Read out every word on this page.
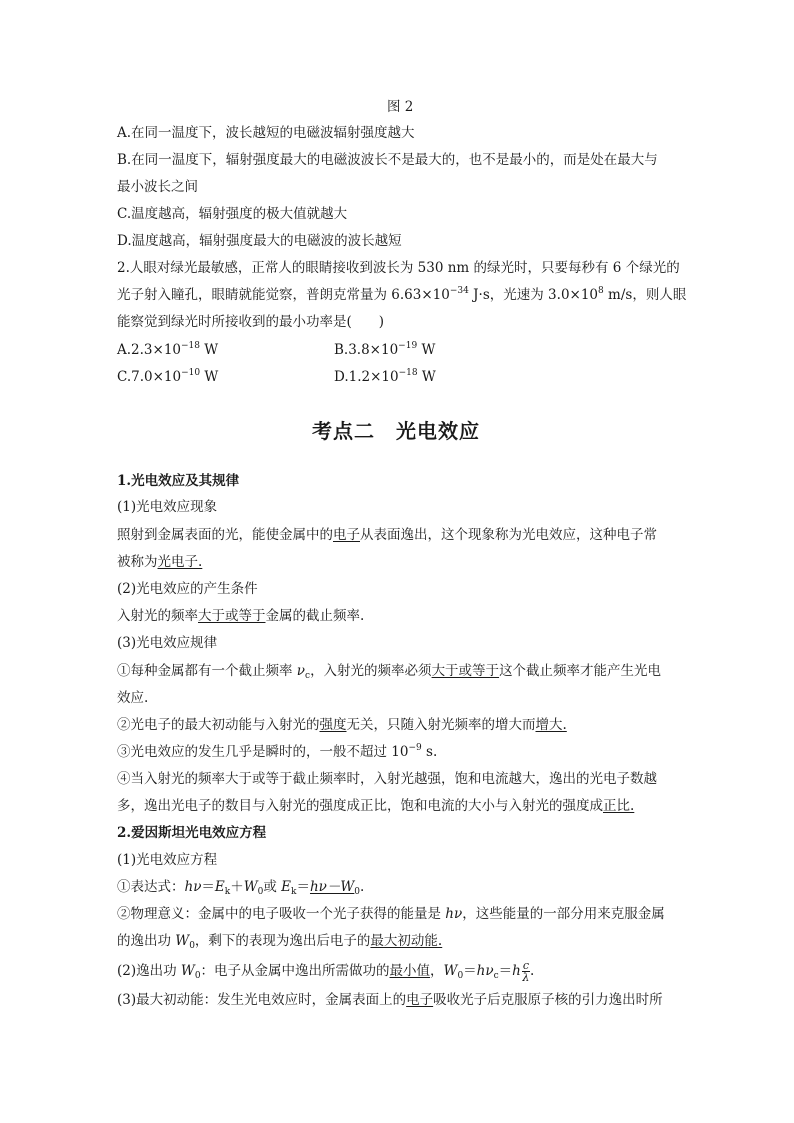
图 2
A.在同一温度下，波长越短的电磁波辐射强度越大
B.在同一温度下，辐射强度最大的电磁波波长不是最大的，也不是最小的，而是处在最大与
最小波长之间
C.温度越高，辐射强度的极大值就越大
D.温度越高，辐射强度最大的电磁波的波长越短
2.人眼对绿光最敏感，正常人的眼睛接收到波长为 530 nm 的绿光时，只要每秒有 6 个绿光的
光子射入瞳孔，眼睛就能觉察，普朗克常量为 $6.63\times 10^{-34}$ J·s，光速为 $3.0\times 10^8$ m/s，则人眼
能察觉到绿光时所接收到的最小功率是(　　)
$A.2.3\times 10^{-18}$ W	$B.3.8\times 10^{-19}$ W
$C.7.0\times 10^{-10}$ W	$D.1.2\times 10^{-18}$ W
考点二　光电效应
1.光电效应及其规律
(1)光电效应现象
照射到金属表面的光，能使金属中的电子从表面逸出，这个现象称为光电效应，这种电子常
被称为光电子.
(2)光电效应的产生条件
入射光的频率大于或等于金属的截止频率.
(3)光电效应规律
①每种金属都有一个截止频率 $\nu_c$，入射光的频率必须大于或等于这个截止频率才能产生光电
效应.
②光电子的最大初动能与入射光的强度无关，只随入射光频率的增大而增大.
③光电效应的发生几乎是瞬时的，一般不超过 $10^{-9}$ s.
④当入射光的频率大于或等于截止频率时，入射光越强，饱和电流越大，逸出的光电子数越
多，逸出光电子的数目与入射光的强度成正比，饱和电流的大小与入射光的强度成正比.
2.爱因斯坦光电效应方程
(1)光电效应方程
①表达式：$h\nu=E_k+W_0$或 $E_k=h\nu-W_0$.
②物理意义：金属中的电子吸收一个光子获得的能量是 hν，这些能量的一部分用来克服金属
的逸出功 $W_0$，剩下的表现为逸出后电子的最大初动能.
(2)逸出功 $W_0$：电子从金属中逸出所需做功的最小值，$W_0=h\nu_c=h \frac{c}{\lambda}$ .
(3)最大初动能：发生光电效应时，金属表面上的电子吸收光子后克服原子核的引力逸出时所
